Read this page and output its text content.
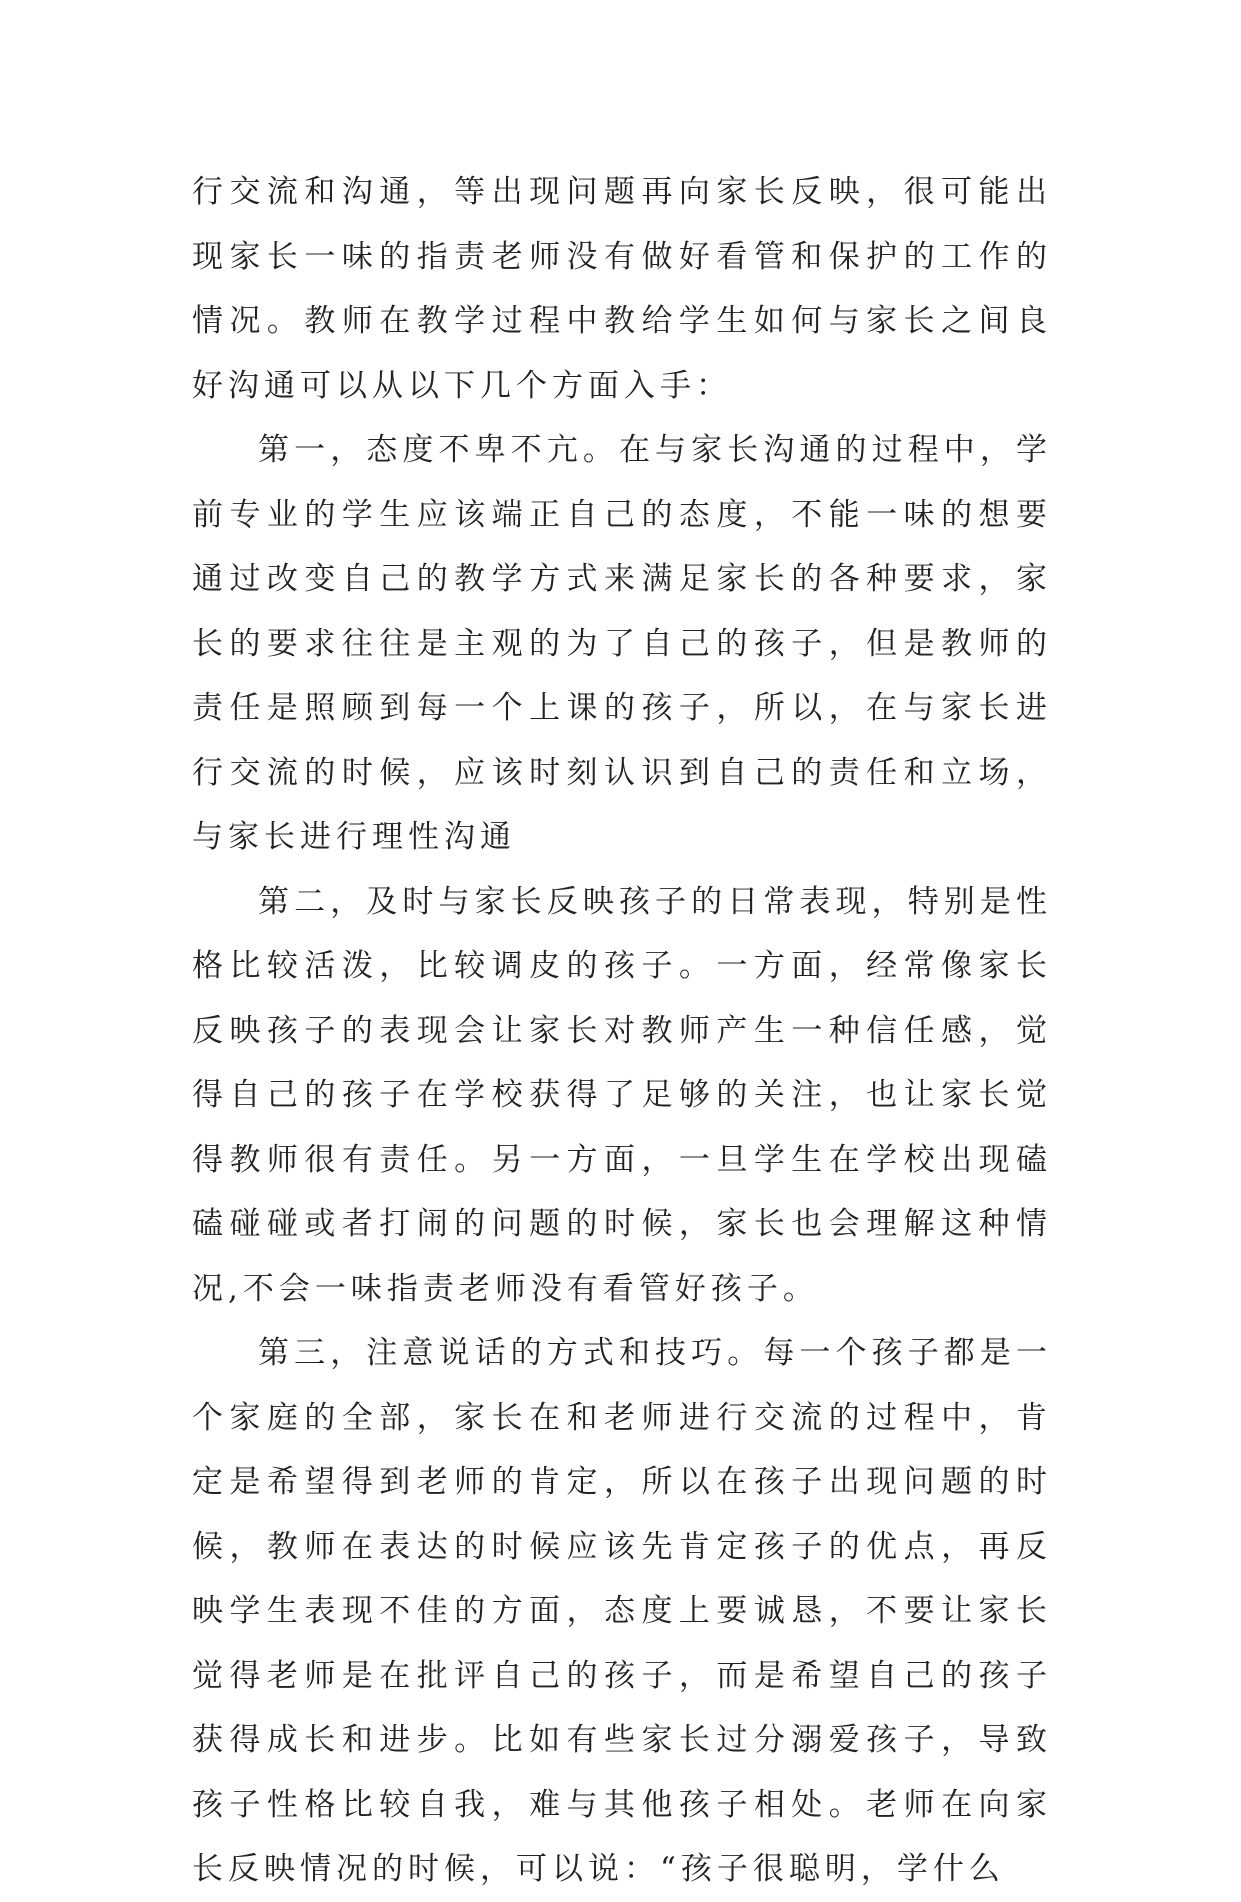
行交流和沟通，等出现问题再向家长反映，很可能出现家长一味的指责老师没有做好看管和保护的工作的情况。教师在教学过程中教给学生如何与家长之间良好沟通可以从以下几个方面入手：

第一，态度不卑不亢。在与家长沟通的过程中，学前专业的学生应该端正自己的态度，不能一味的想要通过改变自己的教学方式来满足家长的各种要求，家长的要求往往是主观的为了自己的孩子，但是教师的责任是照顾到每一个上课的孩子，所以，在与家长进行交流的时候，应该时刻认识到自己的责任和立场，与家长进行理性沟通

第二，及时与家长反映孩子的日常表现，特别是性格比较活泼，比较调皮的孩子。一方面，经常像家长反映孩子的表现会让家长对教师产生一种信任感，觉得自己的孩子在学校获得了足够的关注，也让家长觉得教师很有责任。另一方面，一旦学生在学校出现磕磕碰碰或者打闹的问题的时候，家长也会理解这种情况,不会一味指责老师没有看管好孩子。

第三，注意说话的方式和技巧。每一个孩子都是一个家庭的全部，家长在和老师进行交流的过程中，肯定是希望得到老师的肯定，所以在孩子出现问题的时候，教师在表达的时候应该先肯定孩子的优点，再反映学生表现不佳的方面，态度上要诚恳，不要让家长觉得老师是在批评自己的孩子，而是希望自己的孩子获得成长和进步。比如有些家长过分溺爱孩子，导致孩子性格比较自我，难与其他孩子相处。老师在向家长反映情况的时候，可以说：“孩子很聪明，学什么
